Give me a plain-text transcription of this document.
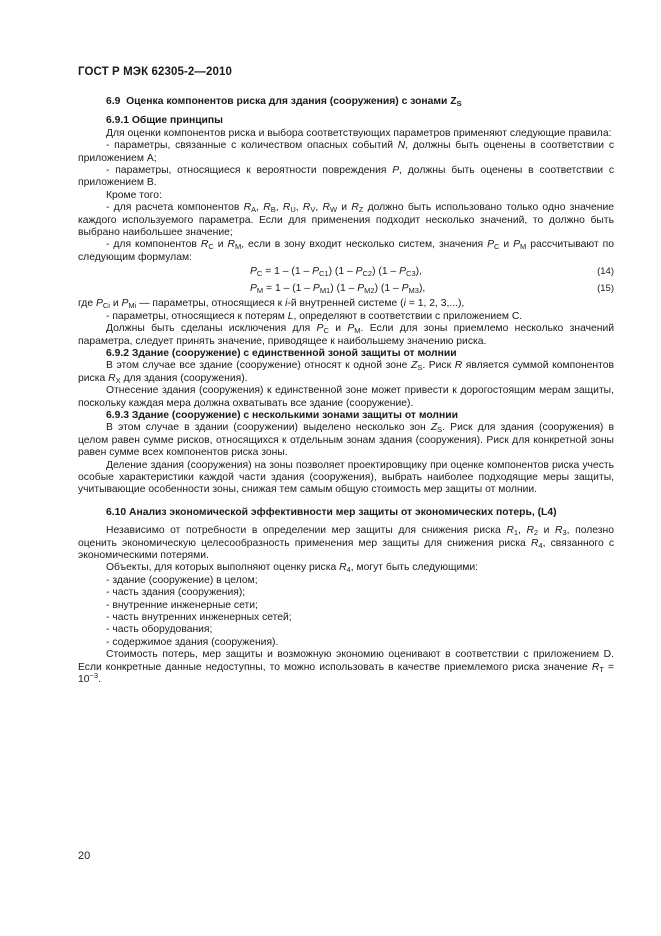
ГОСТ Р МЭК 62305-2—2010

6.9 Оценка компонентов риска для здания (сооружения) с зонами $Z_S$

6.9.1 Общие принципы

Для оценки компонентов риска и выбора соответствующих параметров применяют следующие правила:

- параметры, связанные с количеством опасных событий N, должны быть оценены в соответствии с приложением А;

- параметры, относящиеся к вероятности повреждения P, должны быть оценены в соответствии с приложением В.

Кроме того:

- для расчета компонентов $R_A$, $R_B$, $R_U$, $R_V$, $R_W$ и $R_Z$ должно быть использовано только одно значение каждого используемого параметра. Если для применения подходит несколько значений, то должно быть выбрано наибольшее значение;

- для компонентов $R_C$ и $R_M$, если в зону входит несколько систем, значения $P_C$ и $P_M$ рассчитывают по следующим формулам:

$P_C = 1 - (1 - P_{C1})$ $(1 - P_{C2})$ $(1 - P_{C3})$,	(14)
$P_M = 1 - (1 - P_{M1})$ $(1 - P_{M2})$ $(1 - P_{M3})$,	(15)

где $P_{Ci}$ и $P_{Mi}$ — параметры, относящиеся к i-й внутренней системе (i = 1, 2, 3,...),

- параметры, относящиеся к потерям L, определяют в соответствии с приложением С.

Должны быть сделаны исключения для $P_C$ и $P_M$. Если для зоны приемлемо несколько значений параметра, следует принять значение, приводящее к наибольшему значению риска.

6.9.2 Здание (сооружение) с единственной зоной защиты от молнии

В этом случае все здание (сооружение) относят к одной зоне $Z_S$. Риск R является суммой компонентов риска $R_X$ для здания (сооружения).

Отнесение здания (сооружения) к единственной зоне может привести к дорогостоящим мерам защиты, поскольку каждая мера должна охватывать все здание (сооружение).

6.9.3 Здание (сооружение) с несколькими зонами защиты от молнии

В этом случае в здании (сооружении) выделено несколько зон $Z_S$. Риск для здания (сооружения) в целом равен сумме рисков, относящихся к отдельным зонам здания (сооружения). Риск для конкретной зоны равен сумме всех компонентов риска зоны.

Деление здания (сооружения) на зоны позволяет проектировщику при оценке компонентов риска учесть особые характеристики каждой части здания (сооружения), выбрать наиболее подходящие меры защиты, учитывающие особенности зоны, снижая тем самым общую стоимость мер защиты от молнии.

6.10 Анализ экономической эффективности мер защиты от экономических потерь, (L4)

Независимо от потребности в определении мер защиты для снижения риска $R_1$, $R_2$ и $R_3$, полезно оценить экономическую целесообразность применения мер защиты для снижения риска $R_4$, связанного с экономическими потерями.

Объекты, для которых выполняют оценку риска $R_4$, могут быть следующими:

- здание (сооружение) в целом;

- часть здания (сооружения);

- внутренние инженерные сети;

- часть внутренних инженерных сетей;

- часть оборудования;

- содержимое здания (сооружения).

Стоимость потерь, мер защиты и возможную экономию оценивают в соответствии с приложением D. Если конкретные данные недоступны, то можно использовать в качестве приемлемого риска значение $R_T = 10^{-3}$.

20
